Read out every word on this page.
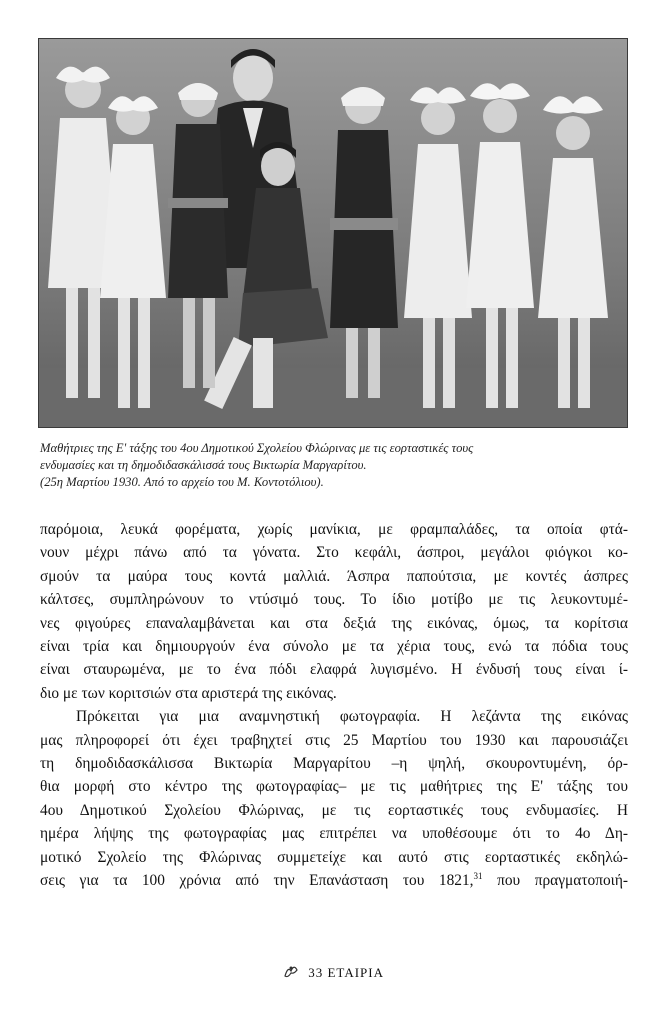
Μαθήτριες της Ε' τάξης του 4ου Δημοτικού Σχολείου Φλώρινας με τις εορταστικές τους
ενδυμασίες και τη δημοδιδασκάλισσά τους Βικτωρία Μαργαρίτου.
(25η Μαρτίου 1930. Από το αρχείο του Μ. Κοντοτόλιου).
παρόμοια, λευκά φορέματα, χωρίς μανίκια, με φραμπαλάδες, τα οποία φτά-
νουν μέχρι πάνω από τα γόνατα. Στο κεφάλι, άσπροι, μεγάλοι φιόγκοι κο-
σμούν τα μαύρα τους κοντά μαλλιά. Άσπρα παπούτσια, με κοντές άσπρες
κάλτσες, συμπληρώνουν το ντύσιμό τους. Το ίδιο μοτίβο με τις λευκοντυμέ-
νες φιγούρες επαναλαμβάνεται και στα δεξιά της εικόνας, όμως, τα κορίτσια
είναι τρία και δημιουργούν ένα σύνολο με τα χέρια τους, ενώ τα πόδια τους
είναι σταυρωμένα, με το ένα πόδι ελαφρά λυγισμένο. Η ένδυσή τους είναι ί-
διο με των κοριτσιών στα αριστερά της εικόνας.
Πρόκειται για μια αναμνηστική φωτογραφία. Η λεζάντα της εικόνας
μας πληροφορεί ότι έχει τραβηχτεί στις 25 Μαρτίου του 1930 και παρουσιάζει
τη δημοδιδασκάλισσα Βικτωρία Μαργαρίτου –η ψηλή, σκουροντυμένη, όρ-
θια μορφή στο κέντρο της φωτογραφίας– με τις μαθήτριες της Ε' τάξης του
4ου Δημοτικού Σχολείου Φλώρινας, με τις εορταστικές τους ενδυμασίες. Η
ημέρα λήψης της φωτογραφίας μας επιτρέπει να υποθέσουμε ότι το 4ο Δη-
μοτικό Σχολείο της Φλώρινας συμμετείχε και αυτό στις εορταστικές εκδηλώ-
σεις για τα 100 χρόνια από την Επανάσταση του 1821,31 που πραγματοποιή-
33 ΕΤΑΙΡΙΑ
